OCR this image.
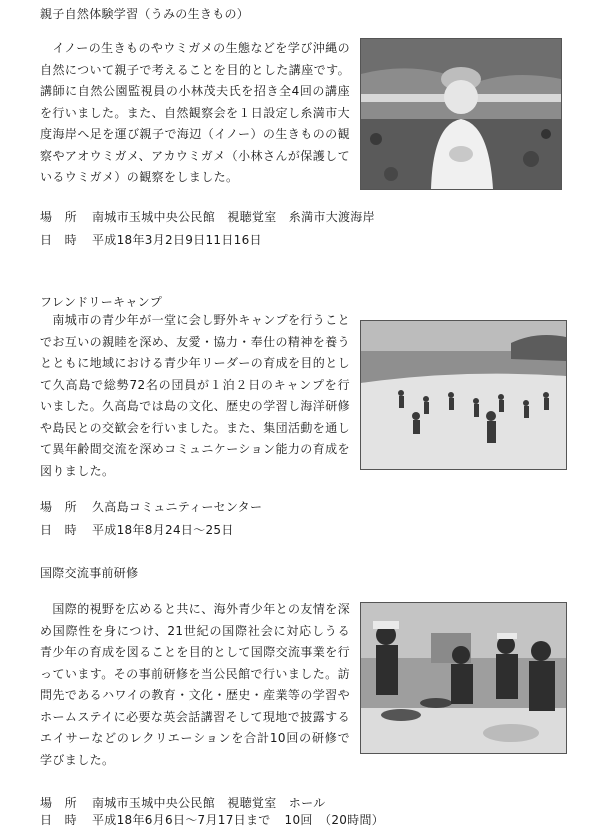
親子自然体験学習（うみの生きもの）

　イノーの生きものやウミガメの生態などを学び沖縄の自然について親子で考えることを目的とした講座です。講師に自然公園監視員の小林茂夫氏を招き全4回の講座を行いました。また、自然観察会を１日設定し糸満市大度海岸へ足を運び親子で海辺（イノー）の生きものの観察やアオウミガメ、アカウミガメ（小林さんが保護しているウミガメ）の観察をしました。

場　所	南城市玉城中央公民館　視聴覚室　糸満市大渡海岸
日　時	平成18年3月2日9日11日16日
フレンドリーキャンプ

　南城市の青少年が一堂に会し野外キャンプを行うことでお互いの親睦を深め、友愛・協力・奉仕の精神を養うとともに地域における青少年リーダーの育成を目的として久高島で総勢72名の団員が１泊２日のキャンプを行いました。久高島では島の文化、歴史の学習し海洋研修や島民との交歓会を行いました。また、集団活動を通して異年齢間交流を深めコミュニケーション能力の育成を図りました。

場　所	久高島コミュニティーセンター
日　時	平成18年8月24日～25日
国際交流事前研修

　国際的視野を広めると共に、海外青少年との友情を深め国際性を身につけ、21世紀の国際社会に対応しうる青少年の育成を図ることを目的として国際交流事業を行っています。その事前研修を当公民館で行いました。訪問先であるハワイの教育・文化・歴史・産業等の学習やホームステイに必要な英会話講習そして現地で披露するエイサーなどのレクリエーションを合計10回の研修で学びました。

場　所	南城市玉城中央公民館　視聴覚室　ホール
日　時	平成18年6月6日～7月17日まで 10回　（20時間）
